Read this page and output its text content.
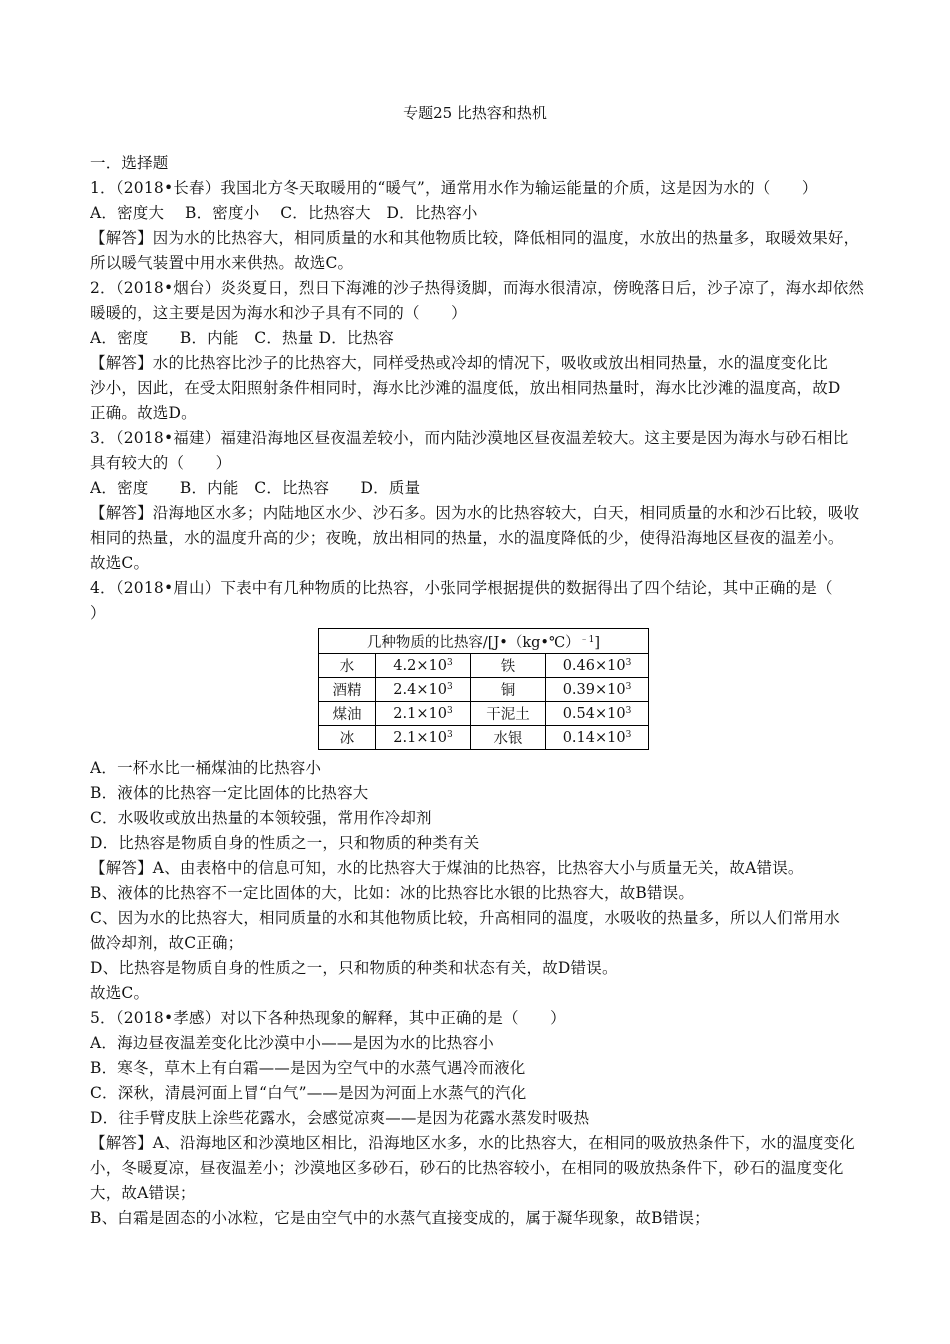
专题25 比热容和热机
一．选择题
1．（2018•长春）我国北方冬天取暖用的“暖气”，通常用水作为输运能量的介质，这是因为水的（　　）
A．密度大　 B．密度小　 C．比热容大　D．比热容小
【解答】因为水的比热容大，相同质量的水和其他物质比较，降低相同的温度，水放出的热量多，取暖效果好，
所以暖气装置中用水来供热。故选C。
2．（2018•烟台）炎炎夏日，烈日下海滩的沙子热得烫脚，而海水很清凉，傍晚落日后，沙子凉了，海水却依然
暖暖的，这主要是因为海水和沙子具有不同的（　　）
A．密度　　B．内能　C．热量 D．比热容
【解答】水的比热容比沙子的比热容大，同样受热或冷却的情况下，吸收或放出相同热量，水的温度变化比
沙小，因此，在受太阳照射条件相同时，海水比沙滩的温度低，放出相同热量时，海水比沙滩的温度高，故D
正确。故选D。
3．（2018•福建）福建沿海地区昼夜温差较小，而内陆沙漠地区昼夜温差较大。这主要是因为海水与砂石相比
具有较大的（　　）
A．密度　　B．内能　C．比热容　　D．质量
【解答】沿海地区水多；内陆地区水少、沙石多。因为水的比热容较大，白天，相同质量的水和沙石比较，吸收
相同的热量，水的温度升高的少；夜晚，放出相同的热量，水的温度降低的少，使得沿海地区昼夜的温差小。
故选C。
4．（2018•眉山）下表中有几种物质的比热容，小张同学根据提供的数据得出了四个结论，其中正确的是（
）
几种物质的比热容/[J•（kg•℃）$^{﹣1}$]			
水	$4.2\times 10^3$	铁	$0.46\times 10^3$
酒精	$2.4\times 10^3$	铜	$0.39\times 10^3$
煤油	$2.1\times 10^3$	干泥土	$0.54\times 10^3$
冰	$2.1\times 10^3$	水银	$0.14\times 10^3$
A．一杯水比一桶煤油的比热容小
B．液体的比热容一定比固体的比热容大
C．水吸收或放出热量的本领较强，常用作冷却剂
D．比热容是物质自身的性质之一，只和物质的种类有关
【解答】A、由表格中的信息可知，水的比热容大于煤油的比热容，比热容大小与质量无关，故A错误。
B、液体的比热容不一定比固体的大，比如：冰的比热容比水银的比热容大，故B错误。
C、因为水的比热容大，相同质量的水和其他物质比较，升高相同的温度，水吸收的热量多，所以人们常用水
做冷却剂，故C正确；
D、比热容是物质自身的性质之一，只和物质的种类和状态有关，故D错误。
故选C。
5．（2018•孝感）对以下各种热现象的解释，其中正确的是（　　）
A．海边昼夜温差变化比沙漠中小——是因为水的比热容小
B．寒冬，草木上有白霜——是因为空气中的水蒸气遇冷而液化
C．深秋，清晨河面上冒“白气”——是因为河面上水蒸气的汽化
D．往手臂皮肤上涂些花露水，会感觉凉爽——是因为花露水蒸发时吸热
【解答】A、沿海地区和沙漠地区相比，沿海地区水多，水的比热容大，在相同的吸放热条件下，水的温度变化
小，冬暖夏凉，昼夜温差小；沙漠地区多砂石，砂石的比热容较小，在相同的吸放热条件下，砂石的温度变化
大，故A错误；
B、白霜是固态的小冰粒，它是由空气中的水蒸气直接变成的，属于凝华现象，故B错误；
